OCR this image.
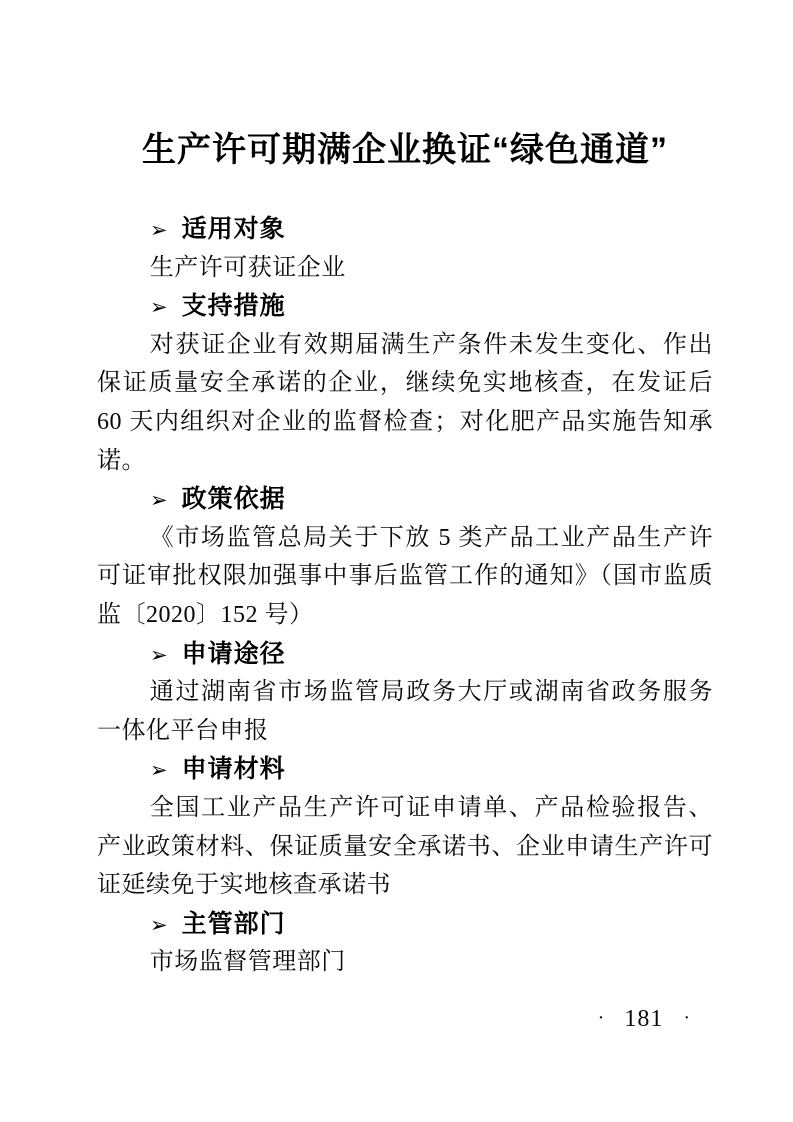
生产许可期满企业换证“绿色通道”
➢ 适用对象

生产许可获证企业

➢ 支持措施

对获证企业有效期届满生产条件未发生变化、作出保证质量安全承诺的企业，继续免实地核查，在发证后 60 天内组织对企业的监督检查；对化肥产品实施告知承诺。

➢ 政策依据

《市场监管总局关于下放 5 类产品工业产品生产许可证审批权限加强事中事后监管工作的通知》（国市监质监〔2020〕152 号）

➢ 申请途径

通过湖南省市场监管局政务大厅或湖南省政务服务一体化平台申报

➢ 申请材料

全国工业产品生产许可证申请单、产品检验报告、产业政策材料、保证质量安全承诺书、企业申请生产许可证延续免于实地核查承诺书

➢ 主管部门

市场监督管理部门

· 181 ·
